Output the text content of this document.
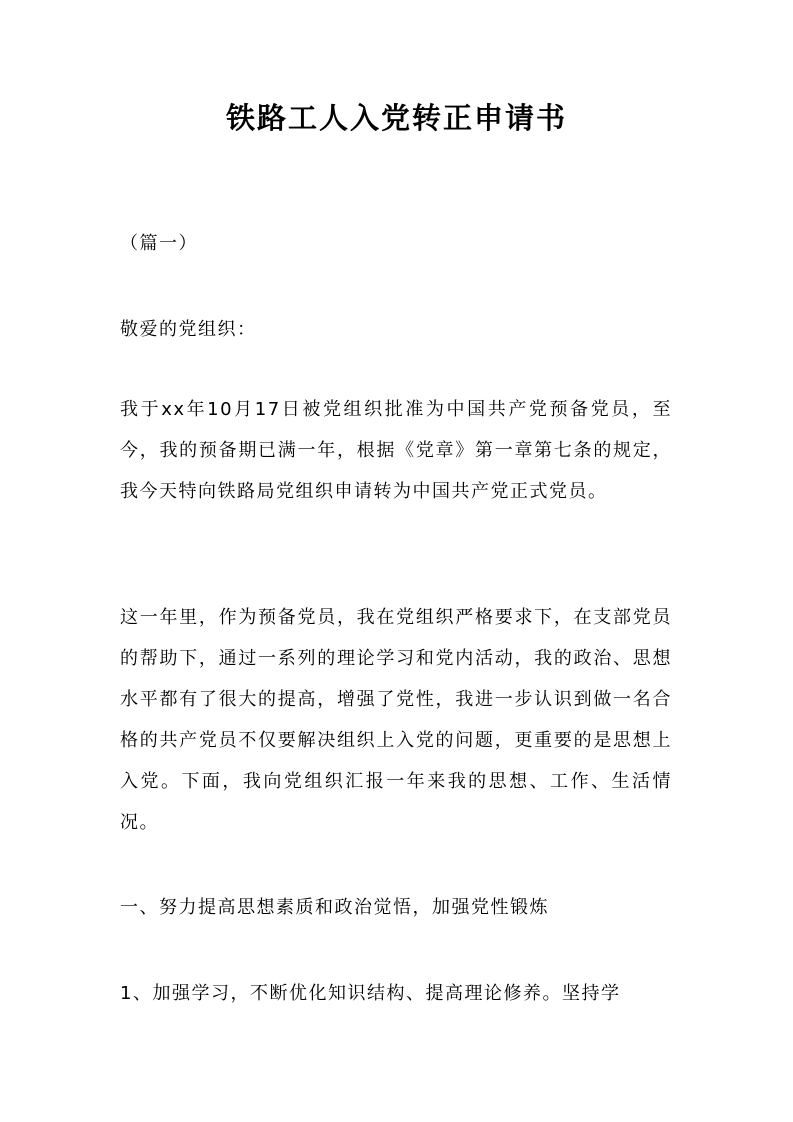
铁路工人入党转正申请书

（篇一）

敬爱的党组织：

我于xx年10月17日被党组织批准为中国共产党预备党员，至今，我的预备期已满一年，根据《党章》第一章第七条的规定，我今天特向铁路局党组织申请转为中国共产党正式党员。

这一年里，作为预备党员，我在党组织严格要求下，在支部党员的帮助下，通过一系列的理论学习和党内活动，我的政治、思想水平都有了很大的提高，增强了党性，我进一步认识到做一名合格的共产党员不仅要解决组织上入党的问题，更重要的是思想上入党。下面，我向党组织汇报一年来我的思想、工作、生活情况。

一、努力提高思想素质和政治觉悟，加强党性锻炼

1、加强学习，不断优化知识结构、提高理论修养。坚持学
